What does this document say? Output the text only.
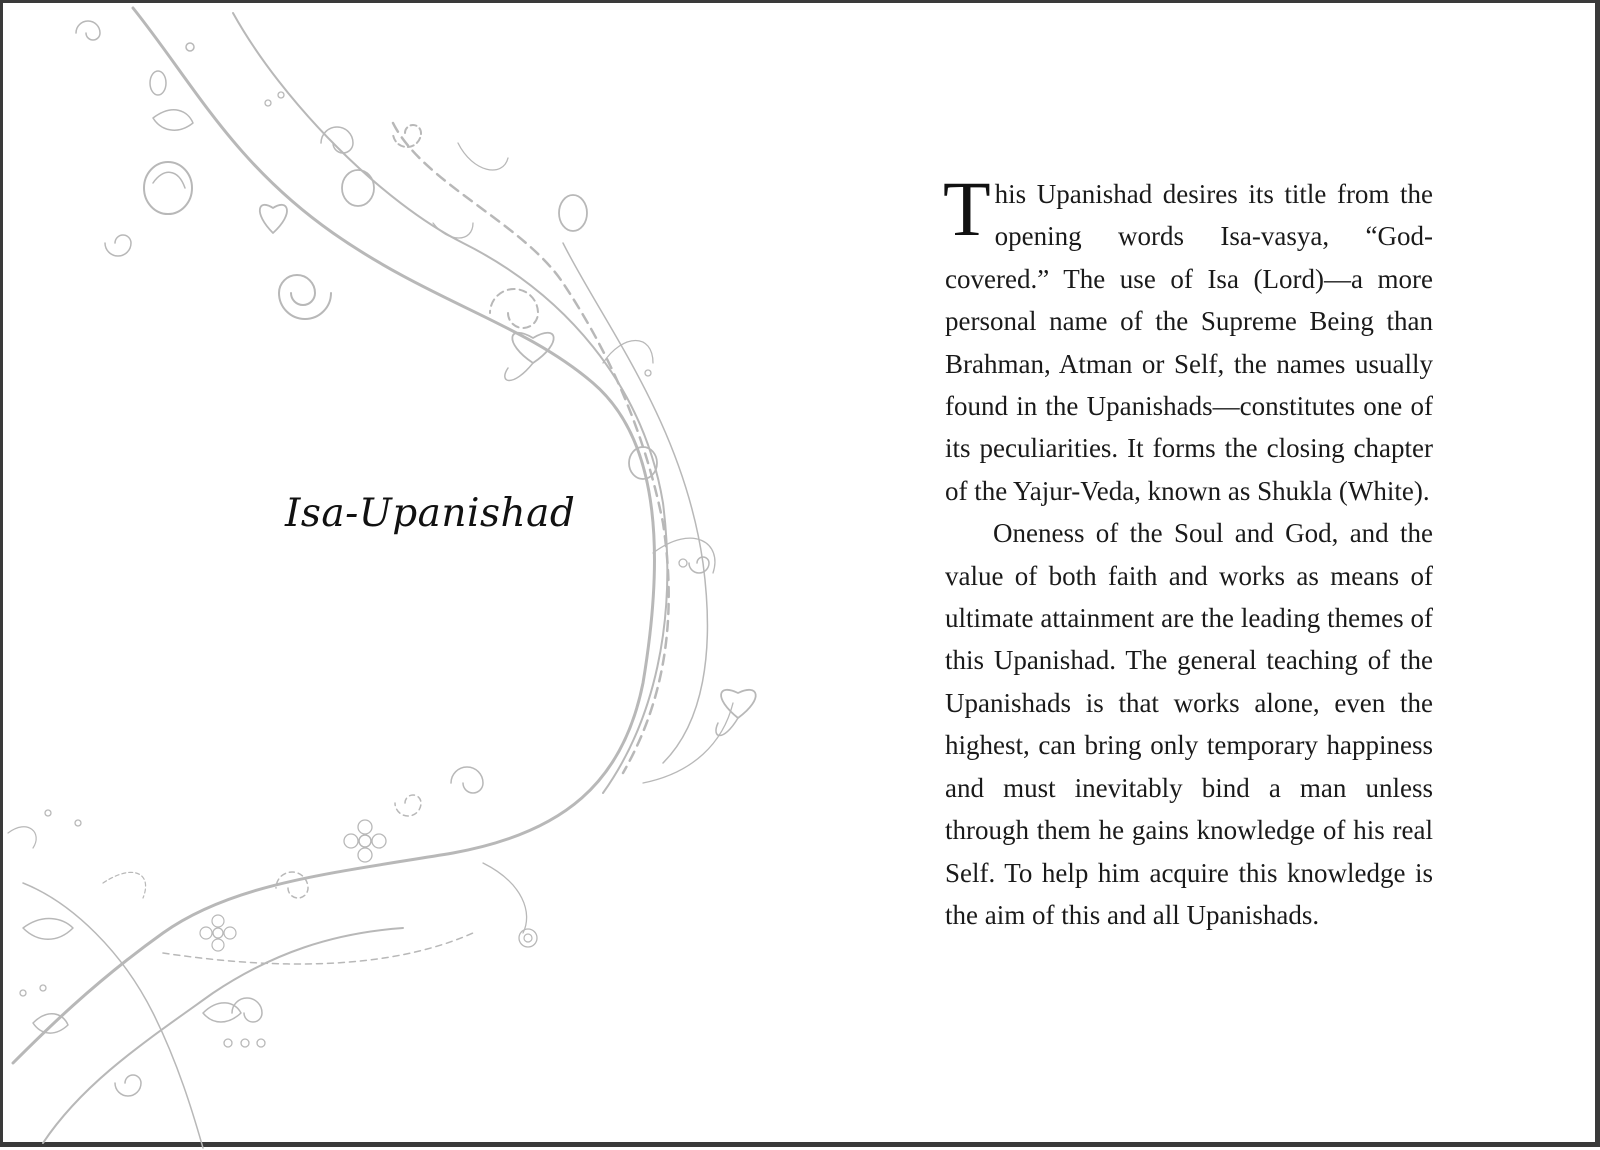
Isa-Upanishad

This Upanishad desires its title from the opening words Isa-vasya, “God-covered.” The use of Isa (Lord)—a more personal name of the Supreme Being than Brahman, Atman or Self, the names usually found in the Upanishads—constitutes one of its peculiarities. It forms the closing chapter of the Yajur-Veda, known as Shukla (White).

Oneness of the Soul and God, and the value of both faith and works as means of ultimate attainment are the leading themes of this Upanishad. The general teaching of the Upanishads is that works alone, even the highest, can bring only temporary happiness and must inevitably bind a man unless through them he gains knowledge of his real Self. To help him acquire this knowledge is the aim of this and all Upanishads.
